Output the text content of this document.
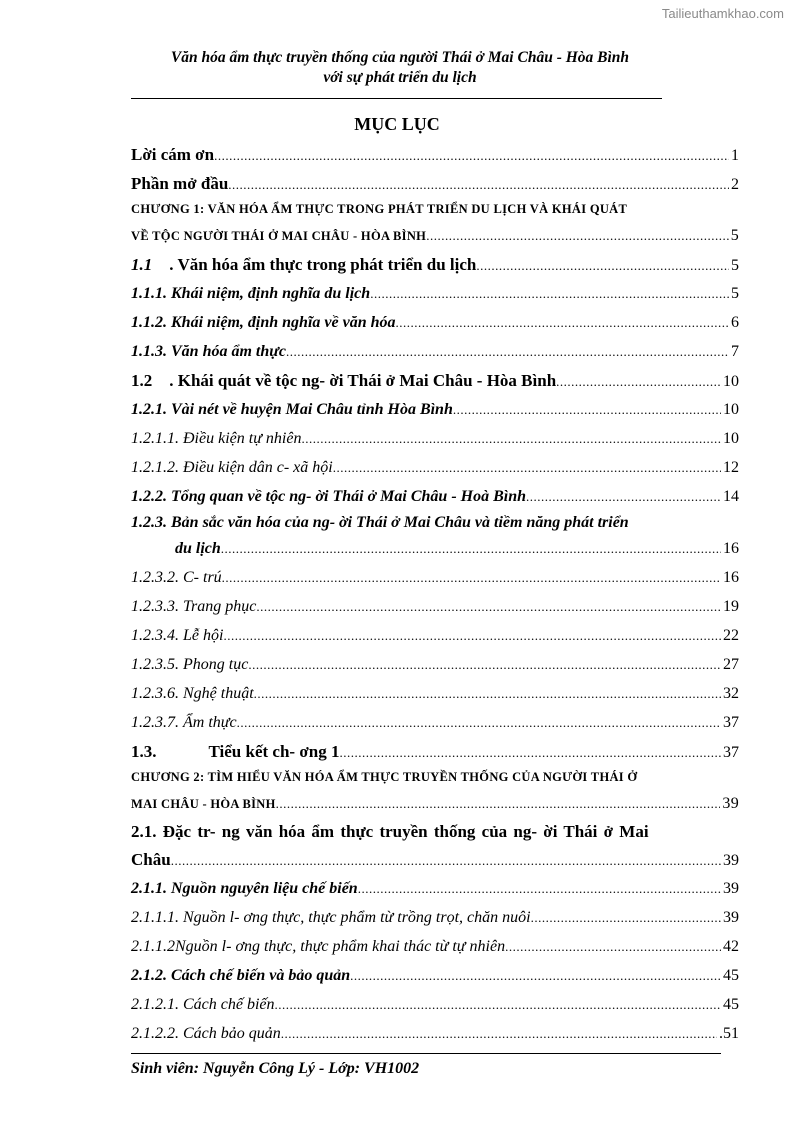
Tailieuthamkhao.com
Văn hóa ẩm thực truyền thống của người Thái ở Mai Châu - Hòa Bình
với sự phát triển du lịch
MỤC LỤC
Lời cám ơn .....	1
Phần mở đầu .....	2
CHƯƠNG 1: VĂN HÓA ẨM THỰC TRONG PHÁT TRIỂN DU LỊCH VÀ KHÁI QUÁT
VỀ TỘC NGƯỜI THÁI Ở MAI CHÂU - HÒA BÌNH .....	5
1.1 . Văn hóa ẩm thực trong phát triển du lịch .....	5
1.1.1. Khái niệm, định nghĩa du lịch .....	5
1.1.2. Khái niệm, định nghĩa về văn hóa .....	6
1.1.3. Văn hóa ẩm thực .....	7
1.2 . Khái quát về tộc ng- ời Thái ở Mai Châu - Hòa Bình .....	10
1.2.1. Vài nét về huyện Mai Châu tỉnh Hòa Bình .....	10
1.2.1.1. Điều kiện tự nhiên .....	10
1.2.1.2. Điều kiện dân c- xã hội .....	12
1.2.2. Tổng quan về tộc ng- ời Thái ở Mai Châu - Hoà Bình .....	14
1.2.3. Bản sắc văn hóa của ng- ời Thái ở Mai Châu và tiềm năng phát triển
du lịch .....	16
1.2.3.2. C- trú .....	16
1.2.3.3. Trang phục .....	19
1.2.3.4. Lễ hội .....	22
1.2.3.5. Phong tục .....	27
1.2.3.6. Nghệ thuật .....	32
1.2.3.7. Ẩm thực .....	37
1.3.	Tiểu kết ch- ơng 1 .....	37
CHƯƠNG 2: TÌM HIỂU VĂN HÓA ẨM THỰC TRUYỀN THỐNG CỦA NGƯỜI THÁI Ở
MAI CHÂU - HÒA BÌNH .....	39
2.1. Đặc tr- ng văn hóa ẩm thực truyền thống của ng- ời Thái ở Mai
Châu .....	39
2.1.1. Nguồn nguyên liệu chế biến .....	39
2.1.1.1. Nguồn l- ơng thực, thực phẩm từ trồng trọt, chăn nuôi .....	39
2.1.1.2Nguồn l- ơng thực, thực phẩm khai thác từ tự nhiên .....	42
2.1.2. Cách chế biến và bảo quản .....	45
2.1.2.1. Cách chế biến .....	45
2.1.2.2. Cách bảo quản .....	.51
Sinh viên: Nguyễn Công Lý - Lớp: VH1002
